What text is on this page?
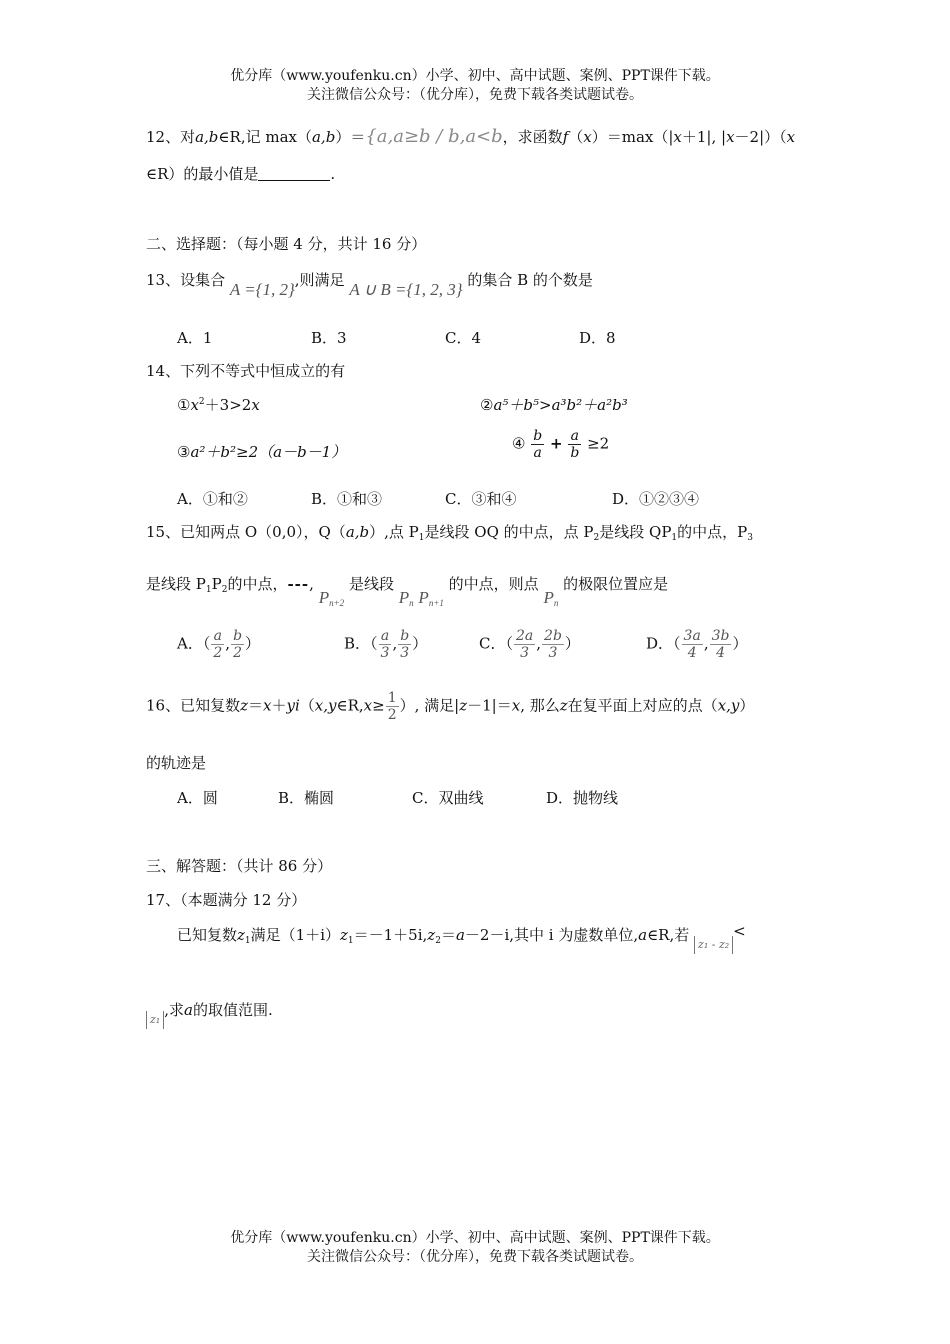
优分库（www.youfenku.cn）小学、初中、高中试题、案例、PPT课件下载。
关注微信公众号：（优分库），免费下载各类试题试卷。
12、对a,b∈R,记 max（a,b）＝{a,a≥b / b,a<b，求函数f（x）＝max（|x＋1|, |x－2|）（x
∈R）的最小值是	.
二、选择题：（每小题 4 分，共计 16 分）
13、设集合 A ={1, 2},则满足 A ∪ B ={1, 2, 3} 的集合 B 的个数是
A．1	B．3	C．4	D．8
14、下列不等式中恒成立的有
$①x^2+3>2x$	②a⁵＋b⁵>a³b²＋a²b³
③a²＋b²≥2（a－b－1）	④ $\frac{b}{a} + \frac{a}{b} \ge 2$
A．①和②	B．①和③	C．③和④	D．①②③④
15、已知两点 O（0,0），Q（a,b）,点 $P_1$是线段 OQ 的中点，点 $P_2$是线段 $QP_1$的中点，$P_3$
是线段 $P_1P_2$的中点，---, $P_{n+2}$ 是线段 $P_n$ $P_{n+1}$ 的中点，则点 $P_n$ 的极限位置应是
A．（ $\frac{a}{2}$ , $\frac{b}{2}$ ）	B．（ $\frac{a}{3}$ , $\frac{b}{3}$ ）	C．（ $\frac{2a}{3}$ , $\frac{2b}{3}$ ）	D．（ $\frac{3a}{4}$ , $\frac{3b}{4}$ ）
16、已知复数z＝x＋yi（x,y∈R,x≥ $\frac{1}{2}$ ）, 满足|z－1|＝x, 那么z在复平面上对应的点（x,y）
的轨迹是
A．圆	B．椭圆	C．双曲线	D．抛物线
三、解答题：（共计 86 分）
17、（本题满分 12 分）
已知复数$z_1$满足$(1+i)z_1=-1+5i,z_2=a-2-i$,其中 i 为虚数单位,a∈R,若 z₁ - z₂<
z₁,求a的取值范围.
优分库（www.youfenku.cn）小学、初中、高中试题、案例、PPT课件下载。
关注微信公众号：（优分库），免费下载各类试题试卷。
